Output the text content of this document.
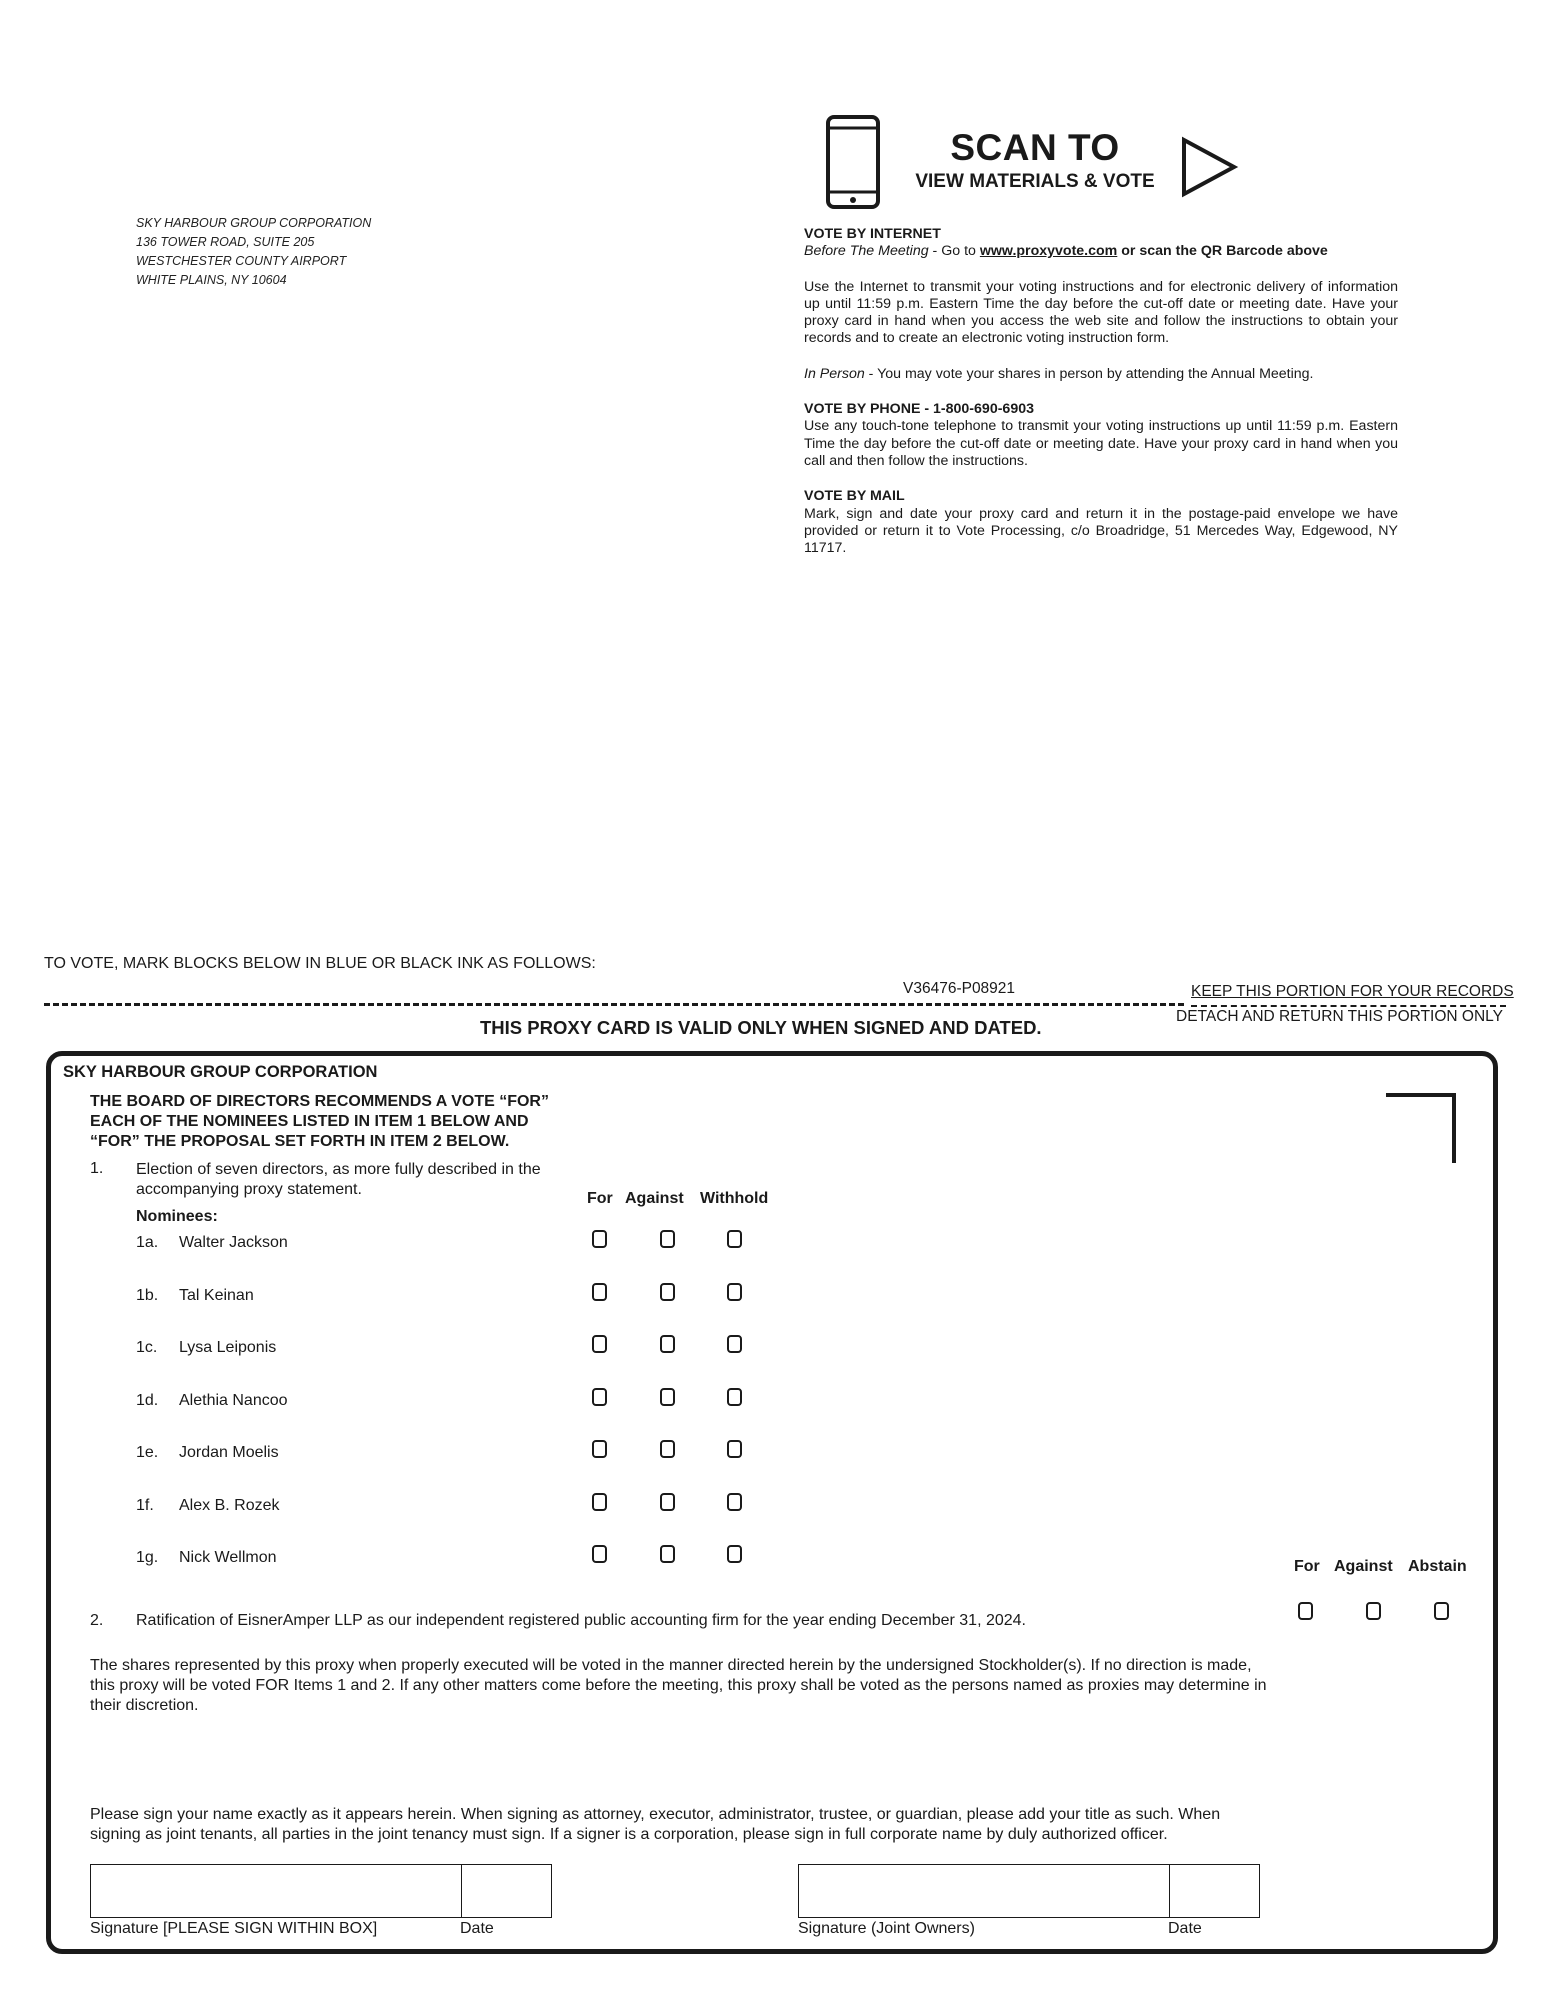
SKY HARBOUR GROUP CORPORATION
136 TOWER ROAD, SUITE 205
WESTCHESTER COUNTY AIRPORT
WHITE PLAINS, NY 10604
SCAN TO
VIEW MATERIALS & VOTE
VOTE BY INTERNET

Before The Meeting - Go to www.proxyvote.com or scan the QR Barcode above

Use the Internet to transmit your voting instructions and for electronic delivery of information up until 11:59 p.m. Eastern Time the day before the cut-off date or meeting date. Have your proxy card in hand when you access the web site and follow the instructions to obtain your records and to create an electronic voting instruction form.

In Person - You may vote your shares in person by attending the Annual Meeting.

VOTE BY PHONE - 1-800-690-6903

Use any touch-tone telephone to transmit your voting instructions up until 11:59 p.m. Eastern Time the day before the cut-off date or meeting date. Have your proxy card in hand when you call and then follow the instructions.

VOTE BY MAIL

Mark, sign and date your proxy card and return it in the postage-paid envelope we have provided or return it to Vote Processing, c/o Broadridge, 51 Mercedes Way, Edgewood, NY 11717.

TO VOTE, MARK BLOCKS BELOW IN BLUE OR BLACK INK AS FOLLOWS:
V36476-P08921	KEEP THIS PORTION FOR YOUR RECORDS
DETACH AND RETURN THIS PORTION ONLY
THIS PROXY CARD IS VALID ONLY WHEN SIGNED AND DATED.
SKY HARBOUR GROUP CORPORATION
THE BOARD OF DIRECTORS RECOMMENDS A VOTE “FOR”
EACH OF THE NOMINEES LISTED IN ITEM 1 BELOW AND
“FOR” THE PROPOSAL SET FORTH IN ITEM 2 BELOW.
1. Election of seven directors, as more fully described in the
accompanying proxy statement.
Nominees:
For Against Withhold
1a. Walter Jackson
1b. Tal Keinan
1c. Lysa Leiponis
1d. Alethia Nancoo
1e. Jordan Moelis
1f. Alex B. Rozek
1g. Nick Wellmon
For Against Abstain
2. Ratification of EisnerAmper LLP as our independent registered public accounting firm for the year ending December 31, 2024.
The shares represented by this proxy when properly executed will be voted in the manner directed herein by the undersigned Stockholder(s). If no direction is made, this proxy will be voted FOR Items 1 and 2. If any other matters come before the meeting, this proxy shall be voted as the persons named as proxies may determine in their discretion.
Please sign your name exactly as it appears herein. When signing as attorney, executor, administrator, trustee, or guardian, please add your title as such. When signing as joint tenants, all parties in the joint tenancy must sign. If a signer is a corporation, please sign in full corporate name by duly authorized officer.
Signature [PLEASE SIGN WITHIN BOX]	Date	Signature (Joint Owners)	Date
